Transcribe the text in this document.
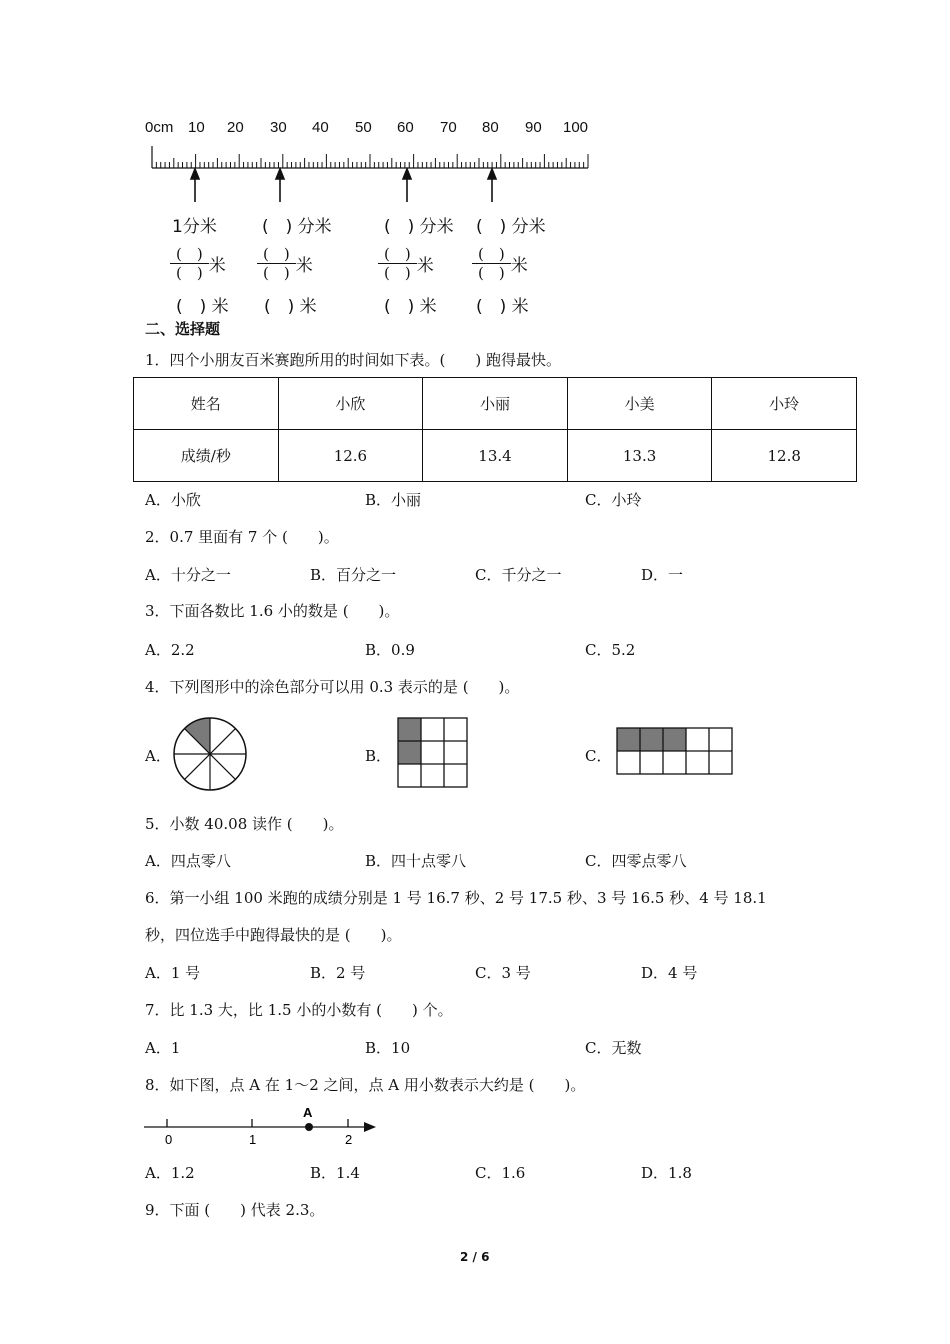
0cm 10 20 30 40 50 60 70 80 90 100
1分米	(　) 分米	(　) 分米 (　) 分米
$\frac{( )}{( )}$ 米 $\frac{( )}{( )}$ 米	$\frac{( )}{( )}$ 米	$\frac{( )}{( )}$ 米
(　) 米 (　) 米	(　) 米 (　) 米
二、选择题
1．四个小朋友百米赛跑所用的时间如下表。(　　) 跑得最快。
姓名	小欣	小丽	小美	小玲
成绩/秒	12.6	13.4	13.3	12.8
A．小欣	B．小丽	C．小玲
2．0.7 里面有 7 个 (　　)。
A．十分之一	B．百分之一	C．千分之一	D．一
3．下面各数比 1.6 小的数是 (　　)。
A．2.2	B．0.9	C．5.2
4．下列图形中的涂色部分可以用 0.3 表示的是 (　　)。
A．	B．	C．
5．小数 40.08 读作 (　　)。
A．四点零八	B．四十点零八	C．四零点零八
6．第一小组 100 米跑的成绩分别是 1 号 16.7 秒、2 号 17.5 秒、3 号 16.5 秒、4 号 18.1
秒，四位选手中跑得最快的是 (　　)。
A．1 号	B．2 号	C．3 号	D．4 号
7．比 1.3 大，比 1.5 小的小数有 (　　) 个。
A．1	B．10	C．无数
8．如下图，点 A 在 1～2 之间，点 A 用小数表示大约是 (　　)。
0	1	2
A
A．1.2	B．1.4	C．1.6	D．1.8
9．下面 (　　) 代表 2.3。
2 / 6
